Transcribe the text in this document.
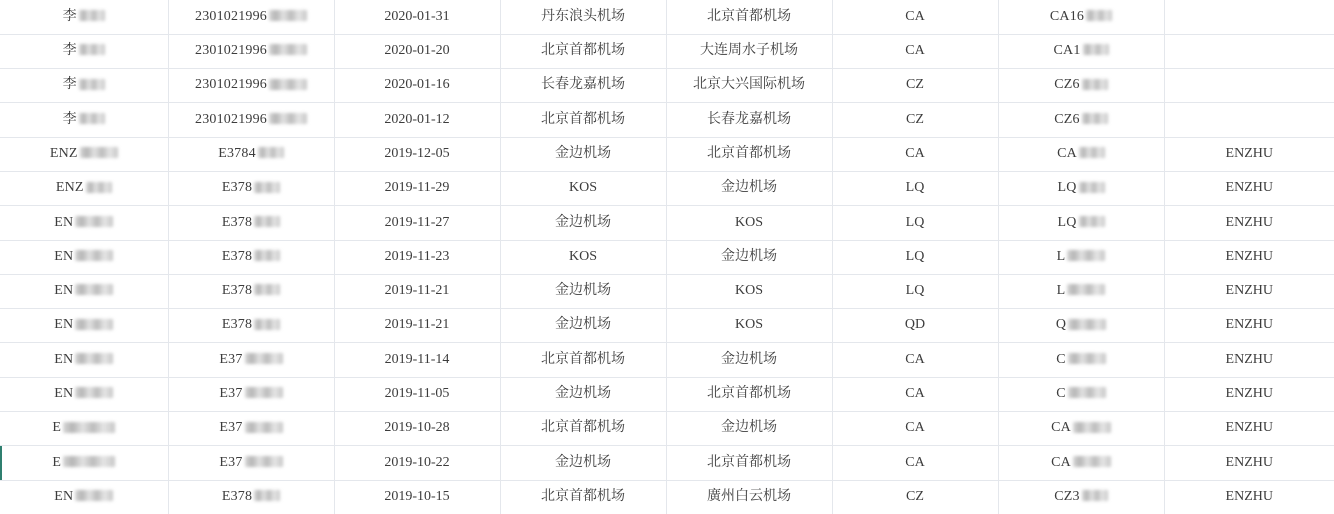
李	2301021996	2020-01-31	丹东浪头机场	北京首都机场	CA	CA16	
李	2301021996	2020-01-20	北京首都机场	大连周水子机场	CA	CA1	
李	2301021996	2020-01-16	长春龙嘉机场	北京大兴国际机场	CZ	CZ6	
李	2301021996	2020-01-12	北京首都机场	长春龙嘉机场	CZ	CZ6	
ENZ	E3784	2019-12-05	金边机场	北京首都机场	CA	CA	ENZHU
ENZ	E378	2019-11-29	KOS	金边机场	LQ	LQ	ENZHU
EN	E378	2019-11-27	金边机场	KOS	LQ	LQ	ENZHU
EN	E378	2019-11-23	KOS	金边机场	LQ	L	ENZHU
EN	E378	2019-11-21	金边机场	KOS	LQ	L	ENZHU
EN	E378	2019-11-21	金边机场	KOS	QD	Q	ENZHU
EN	E37	2019-11-14	北京首都机场	金边机场	CA	C	ENZHU
EN	E37	2019-11-05	金边机场	北京首都机场	CA	C	ENZHU
E	E37	2019-10-28	北京首都机场	金边机场	CA	CA	ENZHU
E	E37	2019-10-22	金边机场	北京首都机场	CA	CA	ENZHU
EN	E378	2019-10-15	北京首都机场	廣州白云机场	CZ	CZ3	ENZHU
